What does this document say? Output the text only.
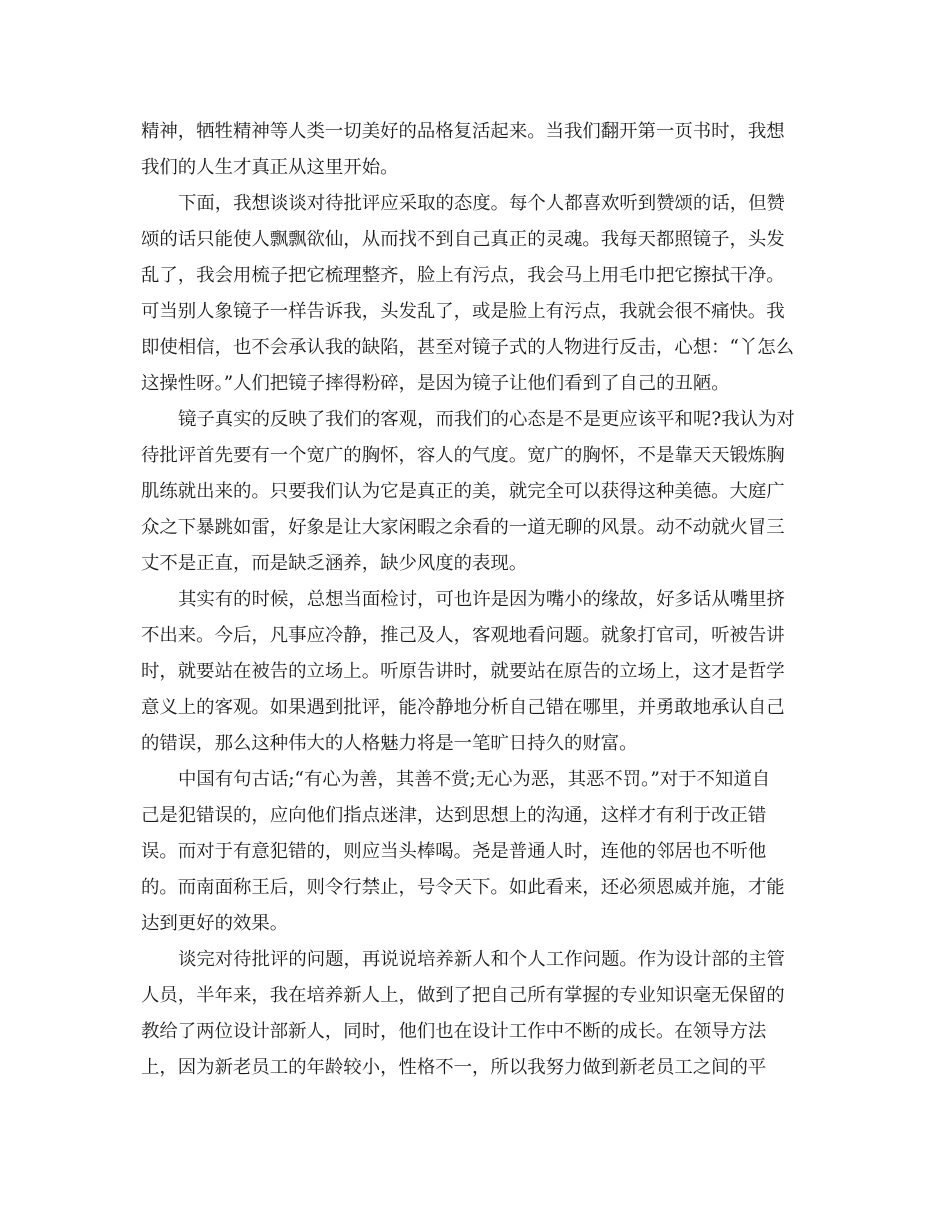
精神，牺牲精神等人类一切美好的品格复活起来。当我们翻开第一页书时，我想
我们的人生才真正从这里开始。
下面，我想谈谈对待批评应采取的态度。每个人都喜欢听到赞颂的话，但赞
颂的话只能使人飘飘欲仙，从而找不到自己真正的灵魂。我每天都照镜子，头发
乱了，我会用梳子把它梳理整齐，脸上有污点，我会马上用毛巾把它擦拭干净。
可当别人象镜子一样告诉我，头发乱了，或是脸上有污点，我就会很不痛快。我
即使相信，也不会承认我的缺陷，甚至对镜子式的人物进行反击，心想：“丫怎么
这操性呀。”人们把镜子摔得粉碎，是因为镜子让他们看到了自己的丑陋。
镜子真实的反映了我们的客观，而我们的心态是不是更应该平和呢?我认为对
待批评首先要有一个宽广的胸怀，容人的气度。宽广的胸怀，不是靠天天锻炼胸
肌练就出来的。只要我们认为它是真正的美，就完全可以获得这种美德。大庭广
众之下暴跳如雷，好象是让大家闲暇之余看的一道无聊的风景。动不动就火冒三
丈不是正直，而是缺乏涵养，缺少风度的表现。
其实有的时候，总想当面检讨，可也许是因为嘴小的缘故，好多话从嘴里挤
不出来。今后，凡事应冷静，推己及人，客观地看问题。就象打官司，听被告讲
时，就要站在被告的立场上。听原告讲时，就要站在原告的立场上，这才是哲学
意义上的客观。如果遇到批评，能冷静地分析自己错在哪里，并勇敢地承认自己
的错误，那么这种伟大的人格魅力将是一笔旷日持久的财富。
中国有句古话;“有心为善，其善不赏;无心为恶，其恶不罚。”对于不知道自
己是犯错误的，应向他们指点迷津，达到思想上的沟通，这样才有利于改正错
误。而对于有意犯错的，则应当头棒喝。尧是普通人时，连他的邻居也不听他
的。而南面称王后，则令行禁止，号令天下。如此看来，还必须恩威并施，才能
达到更好的效果。
谈完对待批评的问题，再说说培养新人和个人工作问题。作为设计部的主管
人员，半年来，我在培养新人上，做到了把自己所有掌握的专业知识毫无保留的
教给了两位设计部新人，同时，他们也在设计工作中不断的成长。在领导方法
上，因为新老员工的年龄较小，性格不一，所以我努力做到新老员工之间的平
